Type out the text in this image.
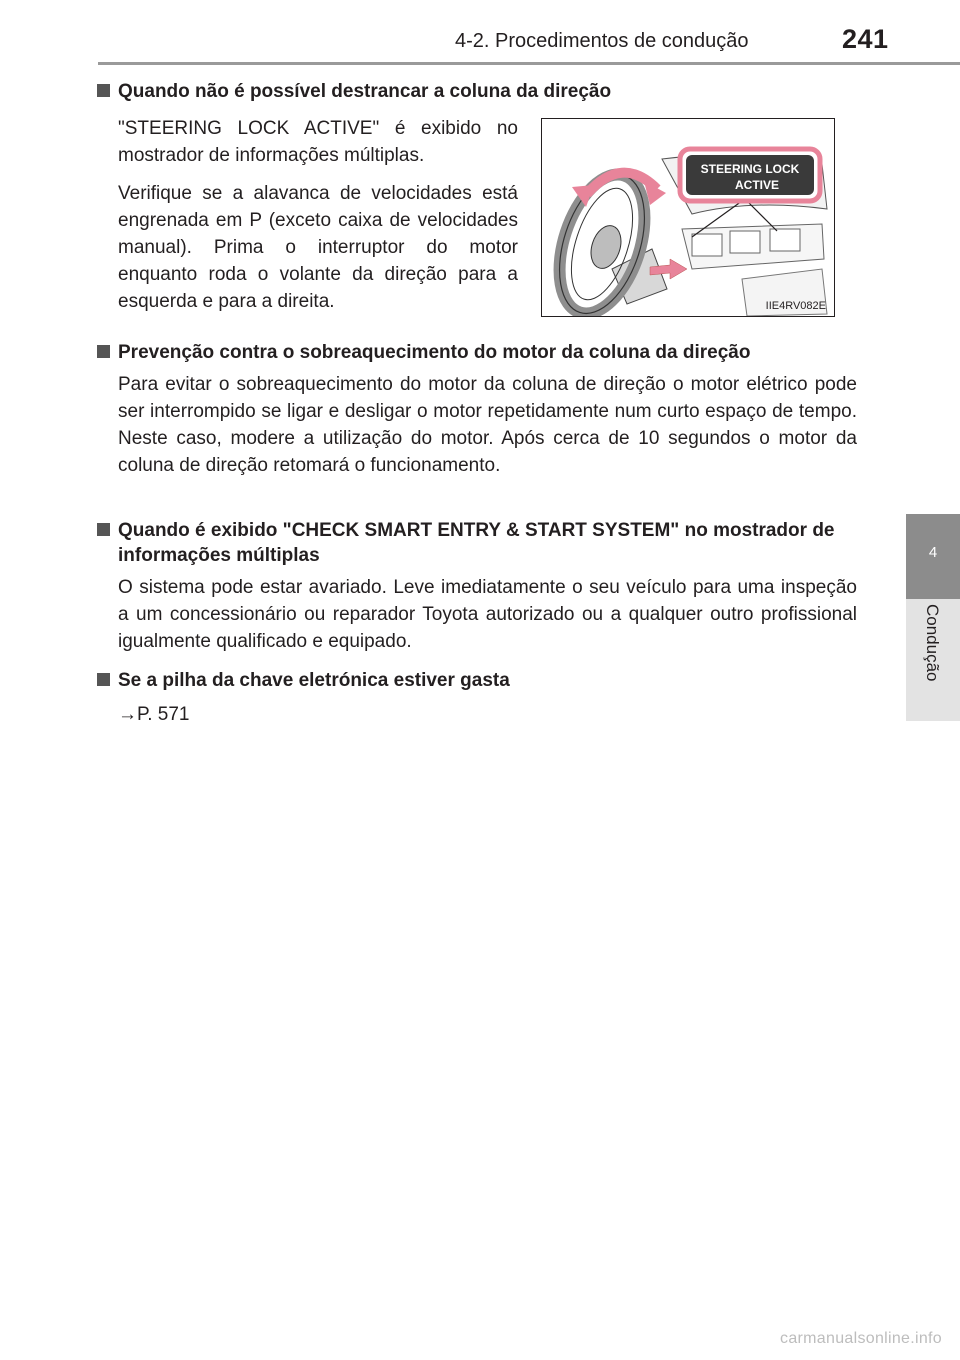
4-2. Procedimentos de condução	241
4
Condução
Quando não é possível destrancar a coluna da direção
"STEERING LOCK ACTIVE" é exibido no mostrador de informações múltiplas.
Verifique se a alavanca de velocidades está engrenada em P (exceto caixa de velocidades manual). Prima o interruptor do motor enquanto roda o volante da direção para a esquerda e para a direita.
STEERING LOCK
ACTIVE
IIE4RV082E
Prevenção contra o sobreaquecimento do motor da coluna da direção
Para evitar o sobreaquecimento do motor da coluna de direção o motor elétrico pode ser interrompido se ligar e desligar o motor repetidamente num curto espaço de tempo. Neste caso, modere a utilização do motor. Após cerca de 10 segundos o motor da coluna de direção retomará o funcionamento.
Quando é exibido "CHECK SMART ENTRY & START SYSTEM" no mostrador de informações múltiplas
O sistema pode estar avariado. Leve imediatamente o seu veículo para uma inspeção a um concessionário ou reparador Toyota autorizado ou a qualquer outro profissional igualmente qualificado e equipado.
Se a pilha da chave eletrónica estiver gasta
→P. 571
carmanualsonline.info
